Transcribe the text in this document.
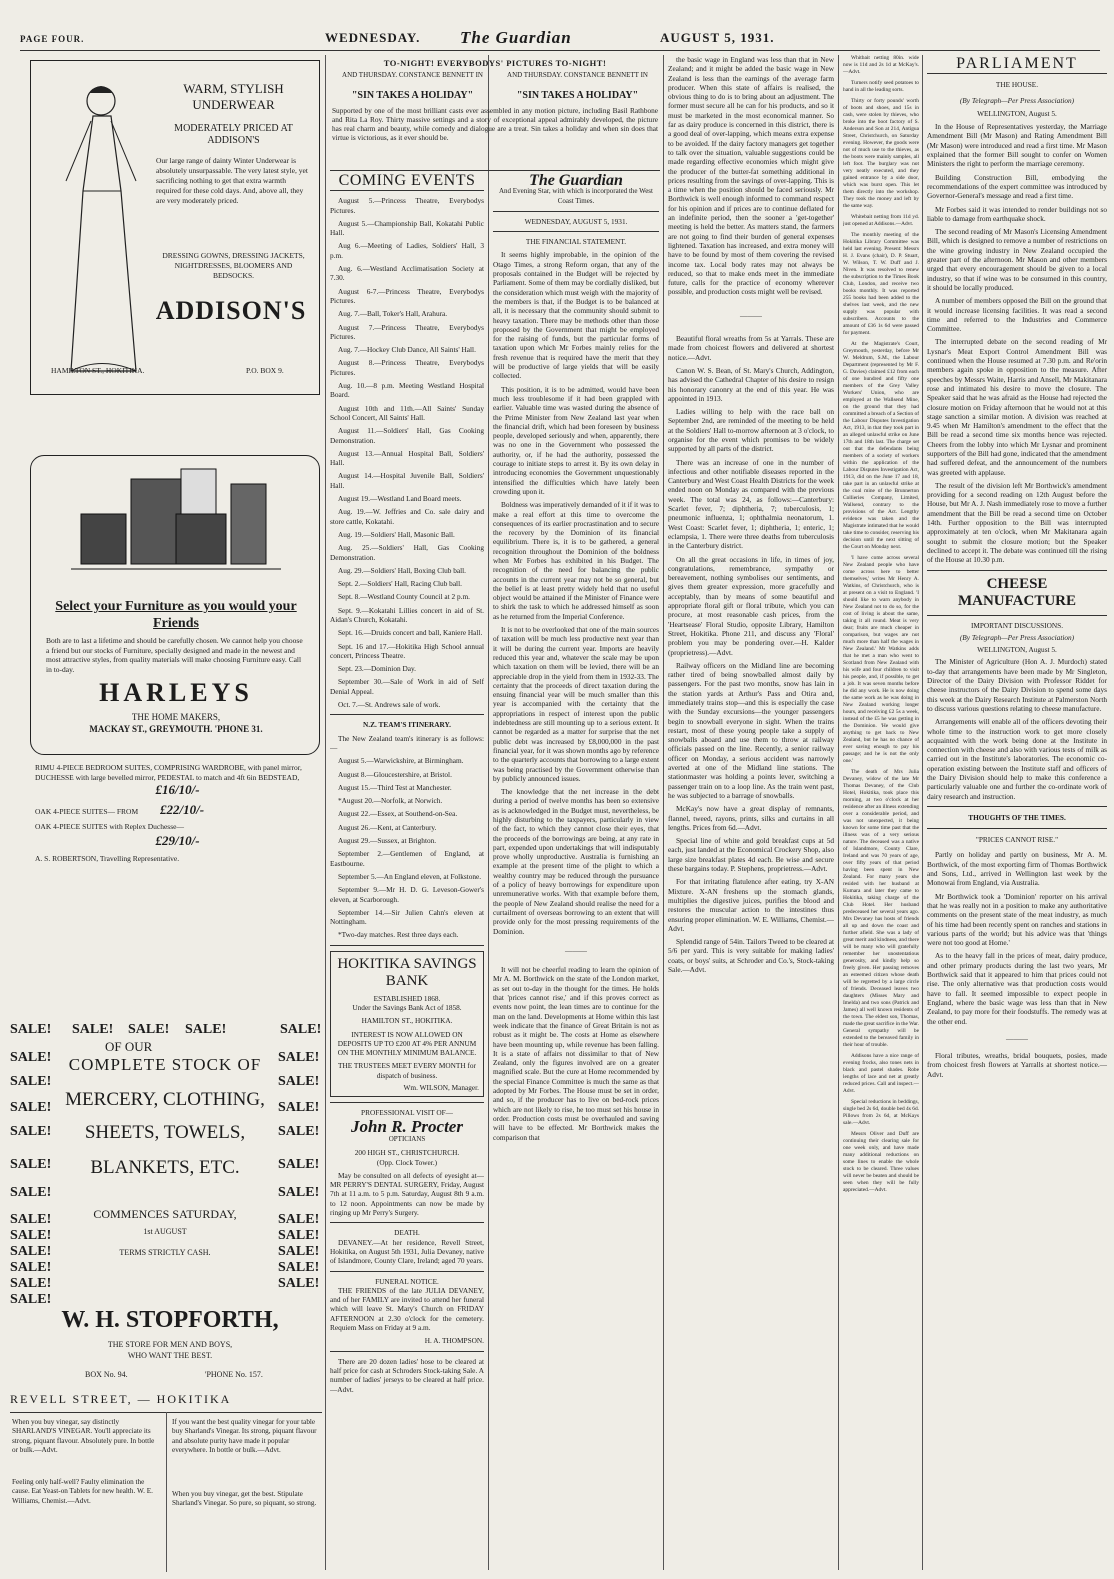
PAGE FOUR.	WEDNESDAY. The Guardian	AUGUST 5, 1931.
WARM, STYLISH UNDERWEAR
MODERATELY PRICED AT ADDISON'S
Our large range of dainty Winter Underwear is absolutely unsurpassable. The very latest style, yet sacrificing nothing to get that extra warmth required for these cold days. And, above all, they are very moderately priced.
DRESSING GOWNS, DRESSING JACKETS, NIGHTDRESSES, BLOOMERS AND BEDSOCKS.
ADDISON'S
HAMILTON ST., HOKITIKA.	P.O. BOX 9.
Select your Furniture as you would your Friends
Both are to last a lifetime and should be carefully chosen. We cannot help you choose a friend but our stocks of Furniture, specially designed and made in the newest and most attractive styles, from quality materials will make choosing Furniture easy. Call in to-day.
HARLEYS
THE HOME MAKERS,
MACKAY ST., GREYMOUTH. 'PHONE 31.
RIMU 4-PIECE BEDROOM SUITES, COMPRISING WARDROBE, with panel mirror, DUCHESSE with large bevelled mirror, PEDESTAL to match and 4ft 6in BEDSTEAD,
£16/10/-
OAK 4-PIECE SUITES— FROM £22/10/-
OAK 4-PIECE SUITES with Replex Duchesse—
£29/10/-
A. S. ROBERTSON, Travelling Representative.
SALE! SALE! SALE! SALE!	SALE!
OF OUR
SALE!
SALE!
SALE!
SALE!
SALE!
SALE!
SALE!
SALE!
SALE!
SALE!
SALE!
SALE!
SALE!
SALE!
SALE!
SALE!
SALE!
SALE!
SALE!
SALE!
SALE!
SALE!
SALE!
COMPLETE STOCK OF
MERCERY, CLOTHING,
SHEETS, TOWELS,
BLANKETS, ETC.
COMMENCES SATURDAY,
1st AUGUST
TERMS STRICTLY CASH.
W. H. STOPFORTH,
THE STORE FOR MEN AND BOYS,
WHO WANT THE BEST.
BOX No. 94.	'PHONE No. 157.
REVELL STREET, — HOKITIKA
When you buy vinegar, say distinctly SHARLAND'S VINEGAR. You'll appreciate its strong, piquant flavour. Absolutely pure. In bottle or bulk.—Advt.
Feeling only half-well? Faulty elimination the cause. Eat Yeast-on Tablets for new health. W. E. Williams, Chemist.—Advt.
If you want the best quality vinegar for your table buy Sharland's Vinegar. Its strong, piquant flavour and absolute purity have made it popular everywhere. In bottle or bulk.—Advt.
When you buy vinegar, get the best. Stipulate Sharland's Vinegar. So pure, so piquant, so strong.
TO-NIGHT! EVERYBODYS' PICTURES TO-NIGHT!
AND THURSDAY. CONSTANCE BENNETT IN	AND THURSDAY. CONSTANCE BENNETT IN
"SIN TAKES A HOLIDAY"	"SIN TAKES A HOLIDAY"
Supported by one of the most brilliant casts ever assembled in any motion picture, including Basil Rathbone and Rita La Roy. Thirty massive settings and a story of exceptional appeal admirably developed, the picture has real charm and beauty, while comedy and dialogue are a treat. Sin takes a holiday and when sin does that virtue is victorious, as it ever should be.
COMING EVENTS

August 5.—Princess Theatre, Everybodys Pictures.

August 5.—Championship Ball, Kokatahi Public Hall.

Aug 6.—Meeting of Ladies, Soldiers' Hall, 3 p.m.

Aug. 6.—Westland Acclimatisation Society at 7.30.

August 6-7.—Princess Theatre, Everybodys Pictures.

Aug. 7.—Ball, Toker's Hall, Arahura.

August 7.—Princess Theatre, Everybodys Pictures.

Aug. 7.—Hockey Club Dance, All Saints' Hall.

August 8.—Princess Theatre, Everybodys Pictures.

Aug. 10.—8 p.m. Meeting Westland Hospital Board.

August 10th and 11th.—All Saints' Sunday School Concert, All Saints' Hall.

August 11.—Soldiers' Hall, Gas Cooking Demonstration.

August 13.—Annual Hospital Ball, Soldiers' Hall.

August 14.—Hospital Juvenile Ball, Soldiers' Hall.

August 19.—Westland Land Board meets.

Aug. 19.—W. Jeffries and Co. sale dairy and store cattle, Kokatahi.

Aug. 19.—Soldiers' Hall, Masonic Ball.

Aug. 25.—Soldiers' Hall, Gas Cooking Demonstration.

Aug. 29.—Soldiers' Hall, Boxing Club ball.

Sept. 2.—Soldiers' Hall, Racing Club ball.

Sept. 8.—Westland County Council at 2 p.m.

Sept. 9.—Kokatahi Lillies concert in aid of St. Aidan's Church, Kokatahi.

Sept. 16.—Druids concert and ball, Kaniere Hall.

Sept. 16 and 17.—Hokitika High School annual concert, Princess Theatre.

Sept. 23.—Dominion Day.

September 30.—Sale of Work in aid of Self Denial Appeal.

Oct. 7.—St. Andrews sale of work.

N.Z. TEAM'S ITINERARY.

The New Zealand team's itinerary is as follows:—

August 5.—Warwickshire, at Birmingham.

August 8.—Gloucestershire, at Bristol.

August 15.—Third Test at Manchester.

*August 20.—Norfolk, at Norwich.

August 22.—Essex, at Southend-on-Sea.

August 26.—Kent, at Canterbury.

August 29.—Sussex, at Brighton.

September 2.—Gentlemen of England, at Eastbourne.

September 5.—An England eleven, at Folkstone.

September 9.—Mr H. D. G. Leveson-Gower's eleven, at Scarborough.

September 14.—Sir Julien Cahn's eleven at Nottingham.

*Two-day matches. Rest three days each.

HOKITIKA SAVINGS BANK
ESTABLISHED 1868.
Under the Savings Bank Act of 1858.
HAMILTON ST., HOKITIKA.
INTEREST IS NOW ALLOWED ON DEPOSITS UP TO £200 AT 4% PER ANNUM ON THE MONTHLY MINIMUM BALANCE.
THE TRUSTEES MEET EVERY MONTH for dispatch of business.
Wm. WILSON, Manager.
PROFESSIONAL VISIT OF—
John R. Procter
OPTICIANS
200 HIGH ST., CHRISTCHURCH.
(Opp. Clock Tower.)

May be consulted on all defects of eyesight at— MR PERRY'S DENTAL SURGERY, Friday, August 7th at 11 a.m. to 5 p.m. Saturday, August 8th 9 a.m. to 12 noon. Appointments can now be made by ringing up Mr Perry's Surgery.

DEATH.

DEVANEY.—At her residence, Revell Street, Hokitika, on August 5th 1931, Julia Devaney, native of Islandmore, County Clare, Ireland; aged 70 years.

FUNERAL NOTICE.

THE FRIENDS of the late JULIA DEVANEY, and of her FAMILY are invited to attend her funeral which will leave St. Mary's Church on FRIDAY AFTERNOON at 2.30 o'clock for the cemetery. Requiem Mass on Friday at 9 a.m.

H. A. THOMPSON.

There are 20 dozen ladies' hose to be cleared at half price for cash at Schroders Stock-taking Sale. A number of ladies' jerseys to be cleared at half price.—Advt.

The Guardian
And Evening Star, with which is incorporated the West Coast Times.
WEDNESDAY, AUGUST 5, 1931.
THE FINANCIAL STATEMENT.

It seems highly improbable, in the opinion of the Otago Times, a strong Reform organ, that any of the proposals contained in the Budget will be rejected by Parliament. Some of them may be cordially disliked, but the consideration which must weigh with the majority of the members is that, if the Budget is to be balanced at all, it is necessary that the community should submit to heavy taxation. There may be methods other than those proposed by the Government that might be employed for the raising of funds, but the particular forms of taxation upon which Mr Forbes mainly relies for the fresh revenue that is required have the merit that they will be productive of large yields that will be easily collected.

This position, it is to be admitted, would have been much less troublesome if it had been grappled with earlier. Valuable time was wasted during the absence of the Prime Minister from New Zealand last year when the financial drift, which had been foreseen by business people, developed seriously and when, apparently, there was no one in the Government who possessed the authority, or, if he had the authority, possessed the courage to initiate steps to arrest it. By its own delay in introducing economies the Government unquestionably intensified the difficulties which have lately been crowding upon it.

Boldness was imperatively demanded of it if it was to make a real effort at this time to overcome the consequences of its earlier procrastination and to secure the recovery by the Dominion of its financial equilibrium. There is, it is to be gathered, a general recognition throughout the Dominion of the boldness when Mr Forbes has exhibited in his Budget. The recognition of the need for balancing the public accounts in the current year may not be so general, but the belief is at least pretty widely held that no useful object would be attained if the Minister of Finance were to shirk the task to which he addressed himself as soon as he returned from the Imperial Conference.

It is not to be overlooked that one of the main sources of taxation will be much less productive next year than it will be during the current year. Imports are heavily reduced this year and, whatever the scale may be upon which taxation on them will be levied, there will be an appreciable drop in the yield from them in 1932-33. The certainty that the proceeds of direct taxation during the ensuing financial year will be much smaller than this year is accompanied with the certainty that the appropriations in respect of interest upon the public indebtedness are still mounting up to a serious extent. It cannot be regarded as a matter for surprise that the net public debt was increased by £8,000,000 in the past financial year, for it was shown months ago by reference to the quarterly accounts that borrowing to a large extent was being practised by the Government otherwise than by publicly announced issues.

The knowledge that the net increase in the debt during a period of twelve months has been so extensive as is acknowledged in the Budget must, nevertheless, be highly disturbing to the taxpayers, particularly in view of the fact, to which they cannot close their eyes, that the proceeds of the borrowings are being, at any rate in part, expended upon undertakings that will indisputably prove wholly unproductive. Australia is furnishing an example at the present time of the plight to which a wealthy country may be reduced through the pursuance of a policy of heavy borrowings for expenditure upon unremunerative works. With that example before them, the people of New Zealand should realise the need for a curtailment of overseas borrowing to an extent that will provide only for the most pressing requirements of the Dominion.

———

It will not be cheerful reading to learn the opinion of Mr A. M. Borthwick on the state of the London market, as set out to-day in the thought for the times. He holds that 'prices cannot rise,' and if this proves correct as events now point, the lean times are to continue for the man on the land. Developments at Home within this last week indicate that the finance of Great Britain is not as robust as it might be. The costs at Home as elsewhere have been mounting up, while revenue has been falling. It is a state of affairs not dissimilar to that of New Zealand, only the figures involved are on a greater magnified scale. But the cure at Home recommended by the special Finance Committee is much the same as that adopted by Mr Forbes. The House must be set in order, and so, if the producer has to live on bed-rock prices which are not likely to rise, he too must set his house in order. Production costs must be overhauled and saving will have to be effected. Mr Borthwick makes the comparison that

the basic wage in England was less than that in New Zealand; and it might be added the basic wage in New Zealand is less than the earnings of the average farm producer. When this state of affairs is realised, the obvious thing to do is to bring about an adjustment. The former must secure all he can for his products, and so it must be marketed in the most economical manner. So far as dairy produce is concerned in this district, there is a good deal of over-lapping, which means extra expense to be avoided. If the dairy factory managers get together to talk over the situation, valuable suggestions could be made regarding effective economies which might give the producer of the butter-fat something additional in prices resulting from the savings of over-lapping. This is a time when the position should be faced seriously. Mr Borthwick is well enough informed to command respect for his opinion and if prices are to continue deflated for an indefinite period, then the sooner a 'get-together' meeting is held the better. As matters stand, the farmers are not going to find their burden of general expenses lightened. Taxation has increased, and extra money will have to be found by most of them covering the revised income tax. Local body rates may not always be reduced, so that to make ends meet in the immediate future, calls for the practice of economy wherever possible, and production costs might well be revised.

———

Beautiful floral wreaths from 5s at Yarrals. These are made from choicest flowers and delivered at shortest notice.—Advt.

Canon W. S. Bean, of St. Mary's Church, Addington, has advised the Cathedral Chapter of his desire to resign his honorary canonry at the end of this year. He was appointed in 1913.

Ladies willing to help with the race ball on September 2nd, are reminded of the meeting to be held at the Soldiers' Hall to-morrow afternoon at 3 o'clock, to organise for the event which promises to be widely supported by all parts of the district.

There was an increase of one in the number of infectious and other notifiable diseases reported in the Canterbury and West Coast Health Districts for the week ended noon on Monday as compared with the previous week. The total was 24, as follows:—Canterbury: Scarlet fever, 7; diphtheria, 7; tuberculosis, 1; pneumonic influenza, 1; ophthalmia neonatorum, 1. West Coast: Scarlet fever, 1; diphtheria, 1; enteric, 1; eclampsia, 1. There were three deaths from tuberculosis in the Canterbury district.

On all the great occasions in life, in times of joy, congratulations, remembrance, sympathy or bereavement, nothing symbolises our sentiments, and gives them greater expression, more gracefully and acceptably, than by means of some beautiful and appropriate floral gift or floral tribute, which you can procure, at most reasonable cash prices, from the 'Heartsease' Floral Studio, opposite Library, Hamilton Street, Hokitika. Phone 211, and discuss any 'Floral' problem you may be pondering over.—H. Kalder (proprietress).—Advt.

Railway officers on the Midland line are becoming rather tired of being snowballed almost daily by passengers. For the past two months, snow has lain in the station yards at Arthur's Pass and Otira and, immediately trains stop—and this is especially the case with the Sunday excursions—the younger passengers begin to snowball everyone in sight. When the trains restart, most of these young people take a supply of snowballs aboard and use them to throw at railway officials passed on the line. Recently, a senior railway officer on Monday, a serious accident was narrowly averted at one of the Midland line stations. The stationmaster was holding a points lever, switching a passenger train on to a loop line. As the train went past, he was subjected to a barrage of snowballs.

McKay's now have a great display of remnants, flannel, tweed, rayons, prints, silks and curtains in all lengths. Prices from 6d.—Advt.

Special line of white and gold breakfast cups at 5d each, just landed at the Economical Crockery Shop, also large size breakfast plates 4d each. Be wise and secure these bargains today. P. Stephens, proprietress.—Advt.

For that irritating flatulence after eating, try X-AN Mixture. X-AN freshens up the stomach glands, multiplies the digestive juices, purifies the blood and restores the muscular action to the intestines thus ensuring proper elimination. W. E. Williams, Chemist.—Advt.

Splendid range of 54in. Tailors Tweed to be cleared at 5/6 per yard. This is very suitable for making ladies' coats, or boys' suits, at Schroder and Co.'s, Stock-taking Sale.—Advt.

Whitbait netting 80in. wide now is 11d and 2s 1d at McKay's.—Advt.

Turners notify seed potatoes to hand in all the leading sorts.

Thirty or forty pounds' worth of boots and shoes, and 15s in cash, were stolen by thieves, who broke into the boot factory of S. Anderson and Son at 214, Antigua Street, Christchurch, on Saturday evening. However, the goods were not of much use to the thieves, as the boots were mainly samples, all left foot. The burglary was not very neatly executed, and they gained entrance by a side door, which was burst open. This let them directly into the workshop. They took the money and left by the same way.

Whitebait netting from 11d yd. just opened at Addisons.—Advt.

The monthly meeting of the Hokitika Library Committee was held last evening. Present: Messrs H. J. Evans (chair), D. P. Stuart, W. Wilson, T. W. Duff and J. Niven. It was resolved to renew the subscription to the Times Book Club, London, and receive two books monthly. It was reported 255 books had been added to the shelves last week, and the new supply was popular with subscribers. Accounts to the amount of £36 1s 6d were passed for payment.

At the Magistrate's Court, Greymouth, yesterday, before Mr W. Meldrum, S.M., the Labour Department (represented by Mr F. G. Davies) claimed £12 from each of one hundred and fifty one members of the Grey Valley Workers' Union, who are employed at the Wallsend Mine, on the ground that they had committed a breach of a Section of the Labour Disputes Investigation Act, 1913, in that they took part in an alleged unlawful strike on June 17th and 18th last. The charge set out that the defendants being members of a society of workers within the application of the Labour Disputes Investigation Act, 1913, did on the June 17 and 18, take part in an unlawful strike at the coal mine of the Brunnerton Collieries Company, Limited, Wallsend, contrary to the provisions of the Act. Lengthy evidence was taken and the Magistrate intimated that he would take time to consider, reserving his decision until the next sitting of the Court on Monday next.

'I have come across several New Zealand people who have come across here to better themselves,' writes Mr Henry A. Watkins, of Christchurch, who is at present on a visit to England. 'I should like to warn anybody in New Zealand not to do so, for the cost of living is about the same, taking it all round. Meat is very dear; fruits are much cheaper in comparison, but wages are not much more than half the wages in New Zealand.' Mr Watkins adds that he met a man who went to Scotland from New Zealand with his wife and four children to visit his people, and, if possible, to get a job. It was seven months before he did any work. He is now doing the same work as he was doing in New Zealand working longer hours, and receiving £2 5s a week, instead of the £5 he was getting in the Dominion. 'He would give anything to get back to New Zealand, but he has no chance of ever saving enough to pay his passage; and he is not the only one.'

The death of Mrs Julia Devaney, widow of the late Mr Thomas Devaney, of the Club Hotel, Hokitika, took place this morning, at two o'clock at her residence after an illness extending over a considerable period, and was not unexpected, it being known for some time past that the illness was of a very serious nature. The deceased was a native of Islandmore, County Clare, Ireland and was 70 years of age, over fifty years of that period having been spent in New Zealand. For many years she resided with her husband at Kumara and later they came to Hokitika, taking charge of the Club Hotel. Her husband predeceased her several years ago. Mrs Devaney has hosts of friends all up and down the coast and further afield. She was a lady of great merit and kindness, and there will be many who will gratefully remember her unostentatious generosity, and kindly help so freely given. Her passing removes an esteemed citizen whose death will be regretted by a large circle of friends. Deceased leaves two daughters (Misses Mary and Imelda) and two sons (Patrick and James) all well known residents of the town. The eldest son, Thomas, made the great sacrifice in the War. General sympathy will be extended to the bereaved family in their hour of trouble.

Addisons have a nice range of evening frocks, also tones nets in black and pastel shades. Robe lengths of lace and net at greatly reduced prices. Call and inspect.—Advt.

Special reductions in beddings, single bed 2s 6d, double bed 4s 6d. Pillows from 2s 6d, at McKays sale.—Advt.

Messrs Oliver and Duff are continuing their clearing sale for one week only, and have made many additional reductions on some lines to enable the whole stock to be cleared. Three values will never be beaten and should be seen when they will be fully appreciated.—Advt.

PARLIAMENT
THE HOUSE.
(By Telegraph—Per Press Association)
WELLINGTON, August 5.

In the House of Representatives yesterday, the Marriage Amendment Bill (Mr Mason) and Rating Amendment Bill (Mr Mason) were introduced and read a first time. Mr Mason explained that the former Bill sought to confer on Women Ministers the right to perform the marriage ceremony.

Building Construction Bill, embodying the recommendations of the expert committee was introduced by Governor-General's message and read a first time.

Mr Forbes said it was intended to render buildings not so liable to damage from earthquake shock.

The second reading of Mr Mason's Licensing Amendment Bill, which is designed to remove a number of restrictions on the wine growing industry in New Zealand occupied the greater part of the afternoon. Mr Mason and other members urged that every encouragement should be given to a local industry, so that if wine was to be consumed in this country, it should be locally produced.

A number of members opposed the Bill on the ground that it would increase licensing facilities. It was read a second time and referred to the Industries and Commerce Committee.

The interrupted debate on the second reading of Mr Lysnar's Meat Export Control Amendment Bill was continued when the House resumed at 7.30 p.m. and Re'orin members again spoke in opposition to the measure. After speeches by Messrs Waite, Harris and Ansell, Mr Makitanara rose and intimated his desire to move the closure. The Speaker said that he was afraid as the House had rejected the closure motion on Friday afternoon that he would not at this stage sanction a similar motion. A division was reached at 9.45 when Mr Hamilton's amendment to the effect that the Bill be read a second time six months hence was rejected. Cheers from the lobby into which Mr Lysnar and prominent supporters of the Bill had gone, indicated that the amendment had suffered defeat, and the announcement of the numbers was greeted with applause.

The result of the division left Mr Borthwick's amendment providing for a second reading on 12th August before the House, but Mr A. J. Nash immediately rose to move a further amendment that the Bill be read a second time on October 14th. Further opposition to the Bill was interrupted approximately at ten o'clock, when Mr Makitanara again sought to submit the closure motion; but the Speaker declined to accept it. The debate was continued till the rising of the House at 10.30 p.m.

CHEESE MANUFACTURE
IMPORTANT DISCUSSIONS.
(By Telegraph—Per Press Association)
WELLINGTON, August 5.

The Minister of Agriculture (Hon A. J. Murdoch) stated to-day that arrangements have been made by Mr Singleton, Director of the Dairy Division with Professor Riddet for cheese instructors of the Dairy Division to spend some days this week at the Dairy Research Institute at Palmerston North to discuss various questions relating to cheese manufacture.

Arrangements will enable all of the officers devoting their whole time to the instruction work to get more closely acquainted with the work being done at the Institute in connection with cheese and also with various tests of milk as carried out in the Institute's laboratories. The economic co-operation existing between the Institute staff and officers of the Dairy Division should help to make this conference a particularly valuable one and further the co-ordinate work of dairy research and instruction.

THOUGHTS OF THE TIMES.
"PRICES CANNOT RISE."

Partly on holiday and partly on business, Mr A. M. Borthwick, of the most exporting firm of Thomas Borthwick and Sons, Ltd., arrived in Wellington last week by the Monowai from England, via Australia.

Mr Borthwick took a 'Dominion' reporter on his arrival that he was really not in a position to make any authoritative comments on the present state of the meat industry, as much of his time had been recently spent on ranches and stations in various parts of the world; but his advice was that 'things were not too good at Home.'

As to the heavy fall in the prices of meat, dairy produce, and other primary products during the last two years, Mr Borthwick said that it appeared to him that prices could not rise. The only alternative was that production costs would have to fall. It seemed impossible to expect people in England, where the basic wage was less than that in New Zealand, to pay more for their foodstuffs. The remedy was at the other end.

———

Floral tributes, wreaths, bridal bouquets, posies, made from choicest fresh flowers at Yarralls at shortest notice.—Advt.
